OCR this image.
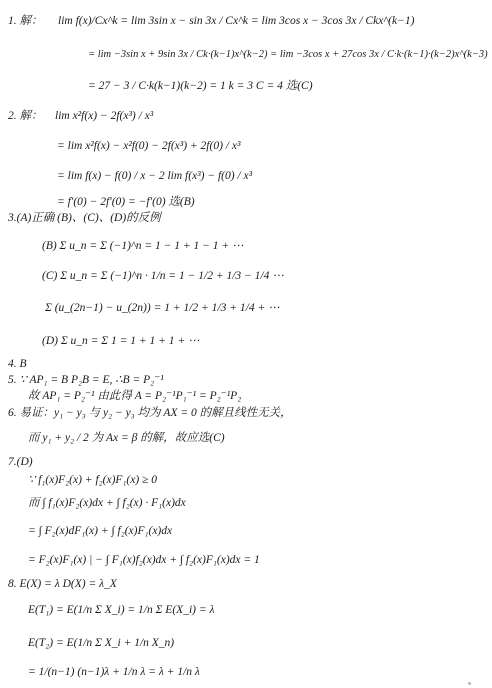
1. 解： lim f(x)/Cx^k = lim 3sin x − sin 3x / Cx^k = lim 3cos x − 3cos 3x / Ckx^(k−1)
= lim −3sin x + 9sin 3x / Ck·(k−1)x^(k−2) = lim −3cos x + 27cos 3x / C·k·(k−1)·(k−2)x^(k−3)
= 27 − 3 / C·k(k−1)(k−2) = 1 k = 3 C = 4 选(C)
2. 解： lim x²f(x) − 2f(x³) / x³
= lim x²f(x) − x²f(0) − 2f(x³) + 2f(0) / x³
= lim f(x) − f(0) / x − 2 lim f(x³) − f(0) / x³
= f′(0) − 2f′(0) = −f′(0) 选(B)
3.(A)正确 (B)、(C)、(D)的反例
(B) Σ u_n = Σ (−1)^n = 1 − 1 + 1 − 1 + ⋯
(C) Σ u_n = Σ (−1)^n · 1/n = 1 − 1/2 + 1/3 − 1/4 ⋯
Σ (u_(2n−1) − u_(2n)) = 1 + 1/2 + 1/3 + 1/4 + ⋯
(D) Σ u_n = Σ 1 = 1 + 1 + 1 + ⋯
4. B
5. ∵ AP₁ = B P₂B = E, ∴B = P₂⁻¹
故 AP₁ = P₂⁻¹ 由此得 A = P₂⁻¹P₁⁻¹ = P₂⁻¹P₂
6. 易证：y₁ − y₃ 与 y₂ − y₃ 均为 AX = 0 的解且线性无关，
而 y₁ + y₂ / 2 为 Ax = β 的解，故应选(C)
7.(D)
∵ f₁(x)F₂(x) + f₂(x)F₁(x) ≥ 0
而 ∫ f₁(x)F₂(x)dx + ∫ f₂(x) · F₁(x)dx
= ∫ F₂(x)dF₁(x) + ∫ f₂(x)F₁(x)dx
= F₂(x)F₁(x) | − ∫ F₁(x)f₂(x)dx + ∫ f₂(x)F₁(x)dx = 1
8. E(X) = λ D(X) = λ_X
E(T₁) = E(1/n Σ X_i) = 1/n Σ E(X_i) = λ
E(T₂) = E(1/n Σ X_i + 1/n X_n)
= 1/(n−1) (n−1)λ + 1/n λ = λ + 1/n λ
